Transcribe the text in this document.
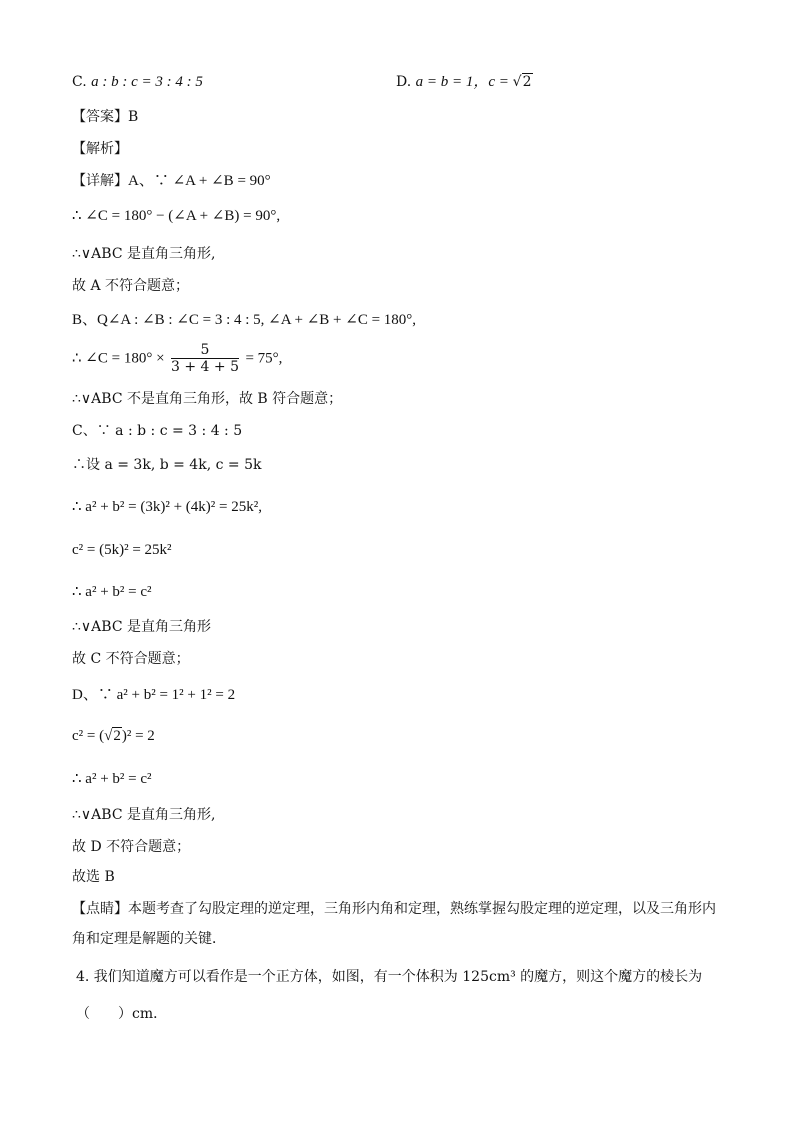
C. a : b : c = 3 : 4 : 5	D. a = b = 1，c = √2
【答案】B
【解析】
【详解】A、∵ ∠A + ∠B = 90°
∴ ∠C = 180° − (∠A + ∠B) = 90°,
∴∨ABC 是直角三角形,
故 A 不符合题意；
B、Q∠A : ∠B : ∠C = 3 : 4 : 5, ∠A + ∠B + ∠C = 180°,
∴ ∠C = $180^\circ \times \frac{5}{3 + 4 + 5} = 75^\circ$,
∴∨ABC 不是直角三角形，故 B 符合题意；
C、∵ a : b : c = 3 : 4 : 5
∴设 a = 3k, b = 4k, c = 5k
∴ a² + b² = (3k)² + (4k)² = 25k²,
c² = (5k)² = 25k²
∴ a² + b² = c²
∴∨ABC 是直角三角形
故 C 不符合题意；
D、∵ a² + b² = 1² + 1² = 2
c² = (√2)² = 2
∴ a² + b² = c²
∴∨ABC 是直角三角形,
故 D 不符合题意；
故选 B
【点睛】本题考查了勾股定理的逆定理，三角形内角和定理，熟练掌握勾股定理的逆定理，以及三角形内
角和定理是解题的关键．
4. 我们知道魔方可以看作是一个正方体，如图，有一个体积为 125cm³ 的魔方，则这个魔方的棱长为
（　　）cm．
